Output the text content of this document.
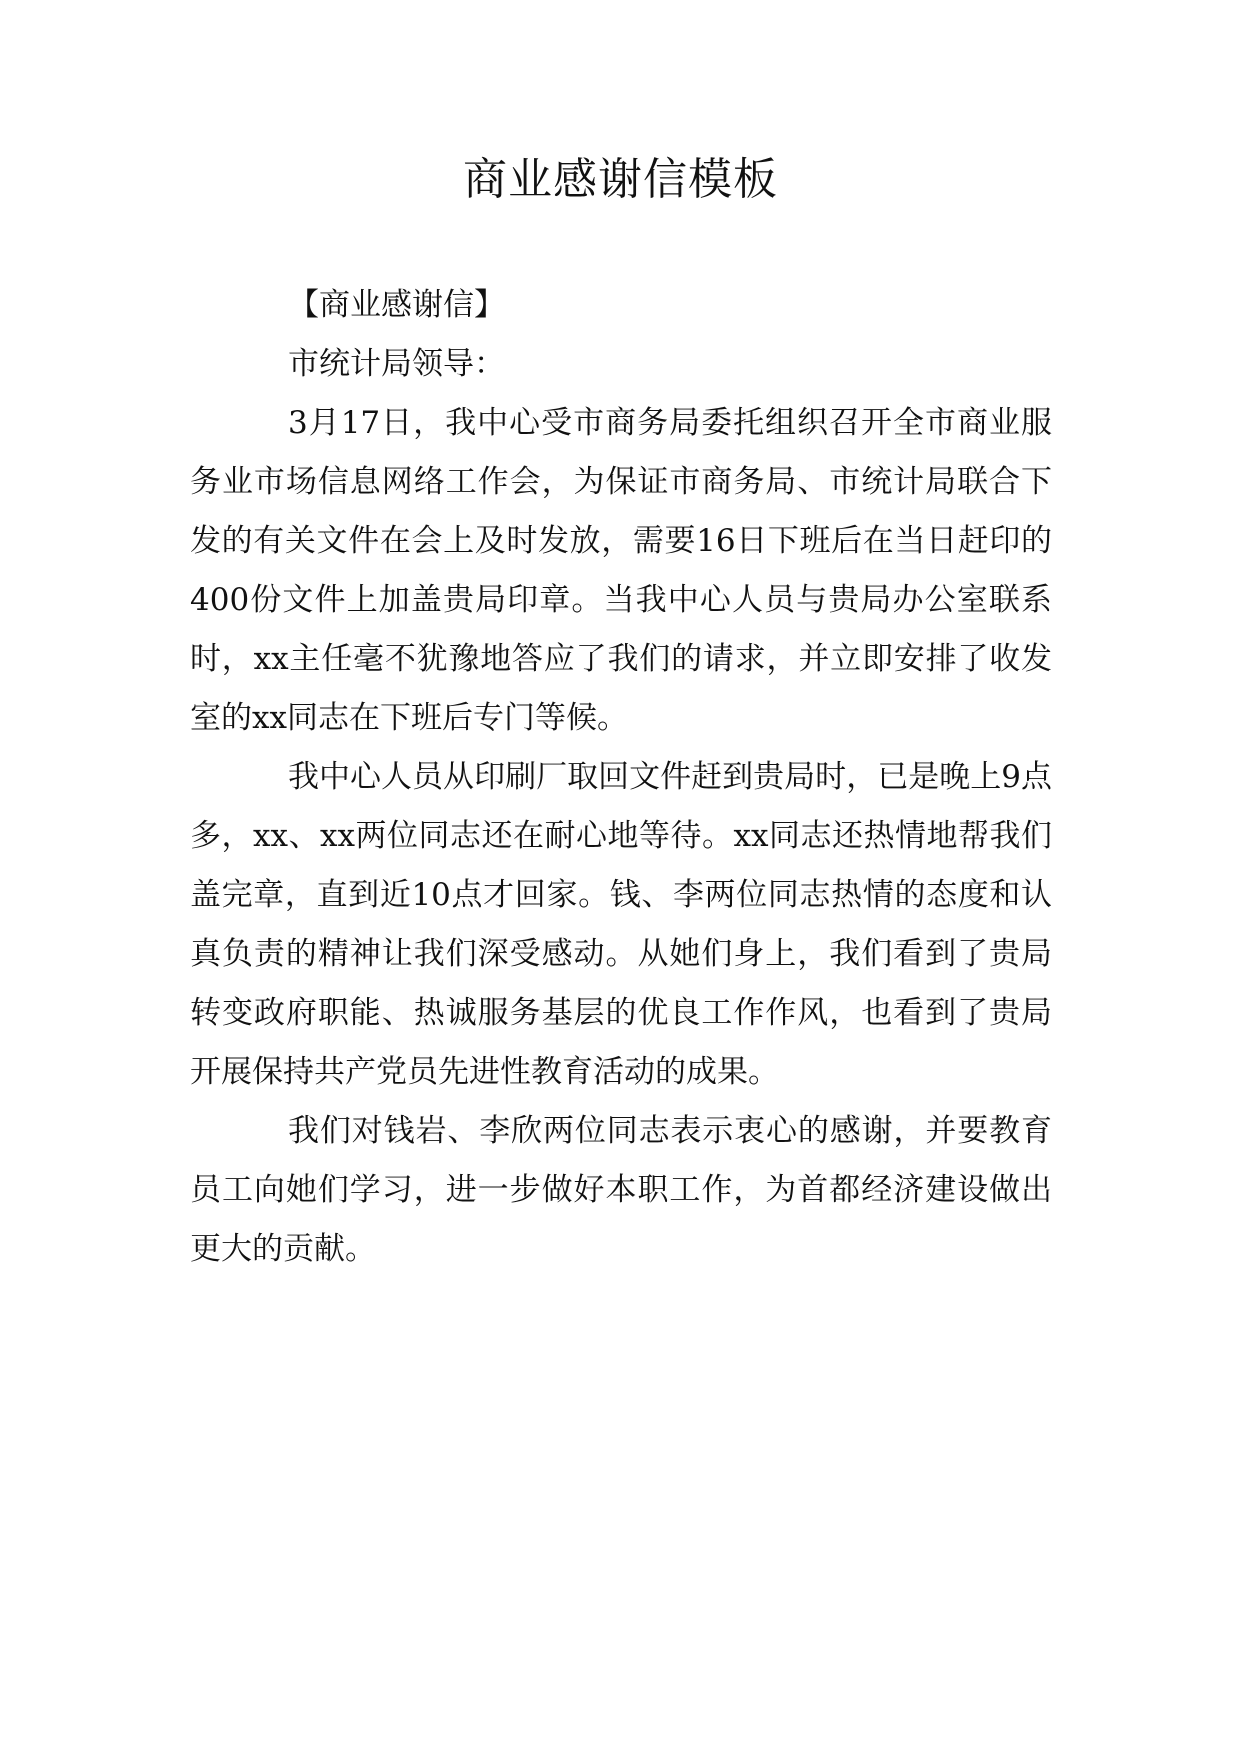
商业感谢信模板

【商业感谢信】

市统计局领导：

3月17日，我中心受市商务局委托组织召开全市商业服务业市场信息网络工作会，为保证市商务局、市统计局联合下发的有关文件在会上及时发放，需要16日下班后在当日赶印的400份文件上加盖贵局印章。当我中心人员与贵局办公室联系时，xx主任毫不犹豫地答应了我们的请求，并立即安排了收发室的xx同志在下班后专门等候。

我中心人员从印刷厂取回文件赶到贵局时，已是晚上9点多，xx、xx两位同志还在耐心地等待。xx同志还热情地帮我们盖完章，直到近10点才回家。钱、李两位同志热情的态度和认真负责的精神让我们深受感动。从她们身上，我们看到了贵局转变政府职能、热诚服务基层的优良工作作风，也看到了贵局开展保持共产党员先进性教育活动的成果。

我们对钱岩、李欣两位同志表示衷心的感谢，并要教育员工向她们学习，进一步做好本职工作，为首都经济建设做出更大的贡献。
